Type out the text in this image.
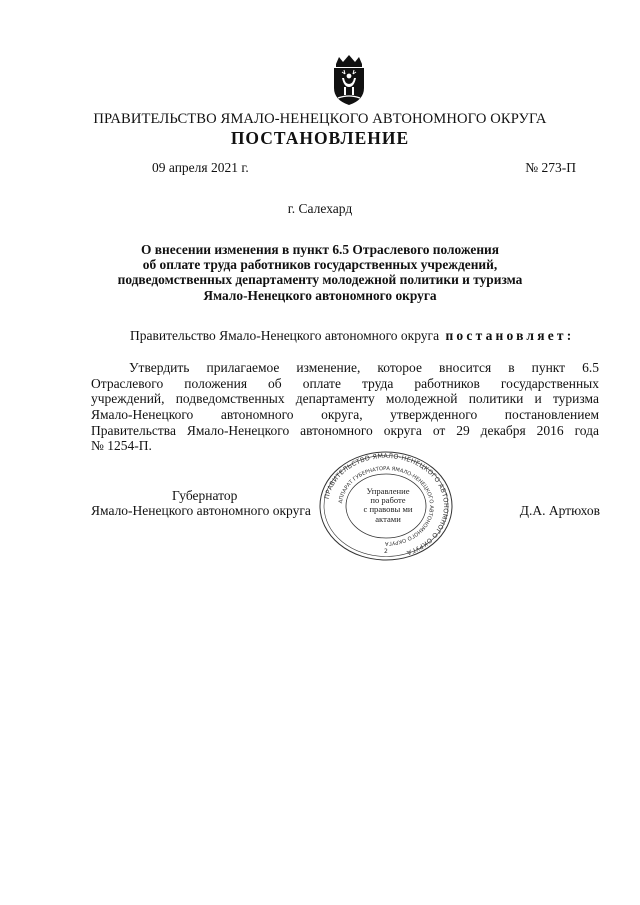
ПРАВИТЕЛЬСТВО ЯМАЛО-НЕНЕЦКОГО АВТОНОМНОГО ОКРУГА
ПОСТАНОВЛЕНИЕ
09 апреля 2021 г.	№ 273-П
г. Салехард
О внесении изменения в пункт 6.5 Отраслевого положения
об оплате труда работников государственных учреждений,
подведомственных департаменту молодежной политики и туризма
Ямало-Ненецкого автономного округа
Правительство Ямало-Ненецкого автономного округа постановляет:
Утвердить прилагаемое изменение, которое вносится в пункт 6.5
Отраслевого положения об оплате труда работников государственных
учреждений, подведомственных департаменту молодежной политики и туризма
Ямало-Ненецкого автономного округа, утвержденного постановлением
Правительства Ямало-Ненецкого автономного округа от 29 декабря 2016 года
№ 1254-П.
ПРАВИТЕЛЬСТВО ЯМАЛО-НЕНЕЦКОГО АВТОНОМНОГО ОКРУГА
АППАРАТ ГУБЕРНАТОРА ЯМАЛО-НЕНЕЦКОГО АВТОНОМНОГО ОКРУГА
2
Управление
по работе
с правовы ми
актами
Губернатор
Ямало-Ненецкого автономного округа	Д.А. Артюхов
